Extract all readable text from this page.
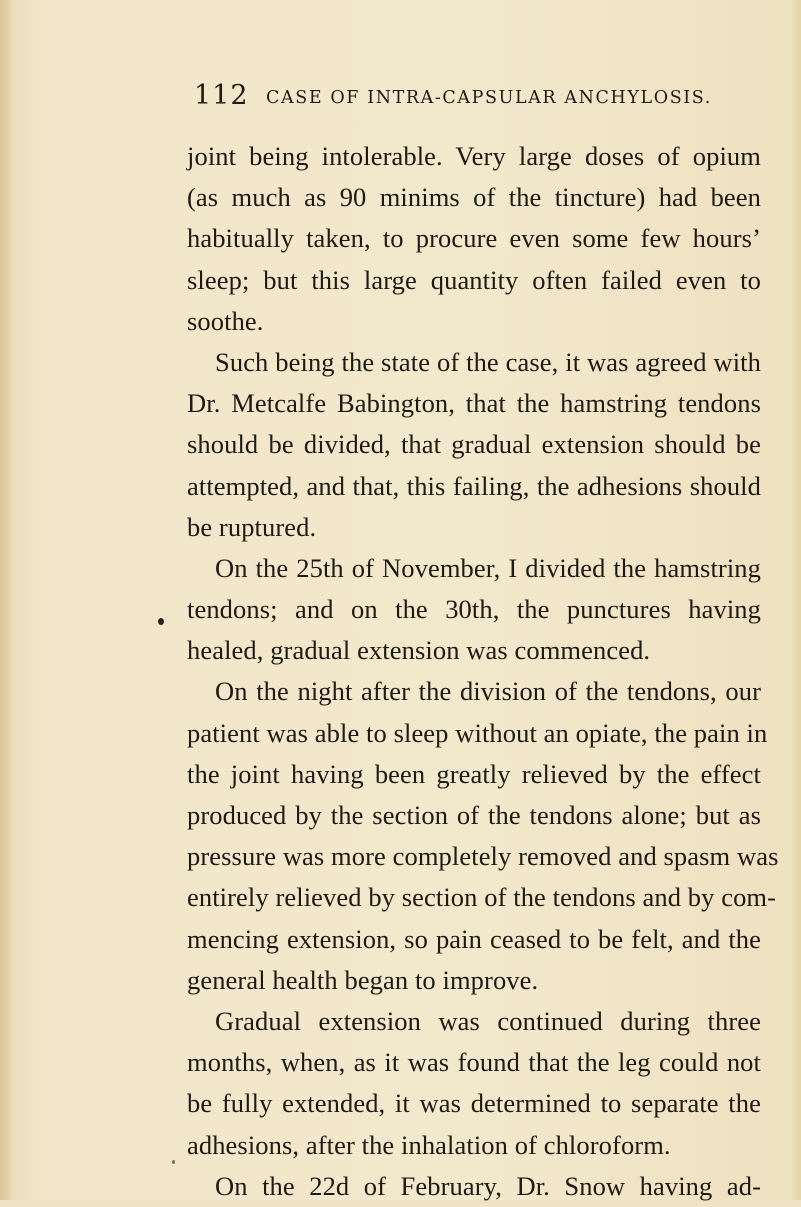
112 CASE OF INTRA-CAPSULAR ANCHYLOSIS.
joint being intolerable. Very large doses of opium
(as much as 90 minims of the tincture) had been
habitually taken, to procure even some few hours’
sleep; but this large quantity often failed even to
soothe.
Such being the state of the case, it was agreed with
Dr. Metcalfe Babington, that the hamstring tendons
should be divided, that gradual extension should be
attempted, and that, this failing, the adhesions should
be ruptured.
On the 25th of November, I divided the hamstring
tendons; and on the 30th, the punctures having
healed, gradual extension was commenced.
On the night after the division of the tendons, our
patient was able to sleep without an opiate, the pain in
the joint having been greatly relieved by the effect
produced by the section of the tendons alone; but as
pressure was more completely removed and spasm was
entirely relieved by section of the tendons and by com-
mencing extension, so pain ceased to be felt, and the
general health began to improve.
Gradual extension was continued during three
months, when, as it was found that the leg could not
be fully extended, it was determined to separate the
adhesions, after the inhalation of chloroform.
On the 22d of February, Dr. Snow having ad-
